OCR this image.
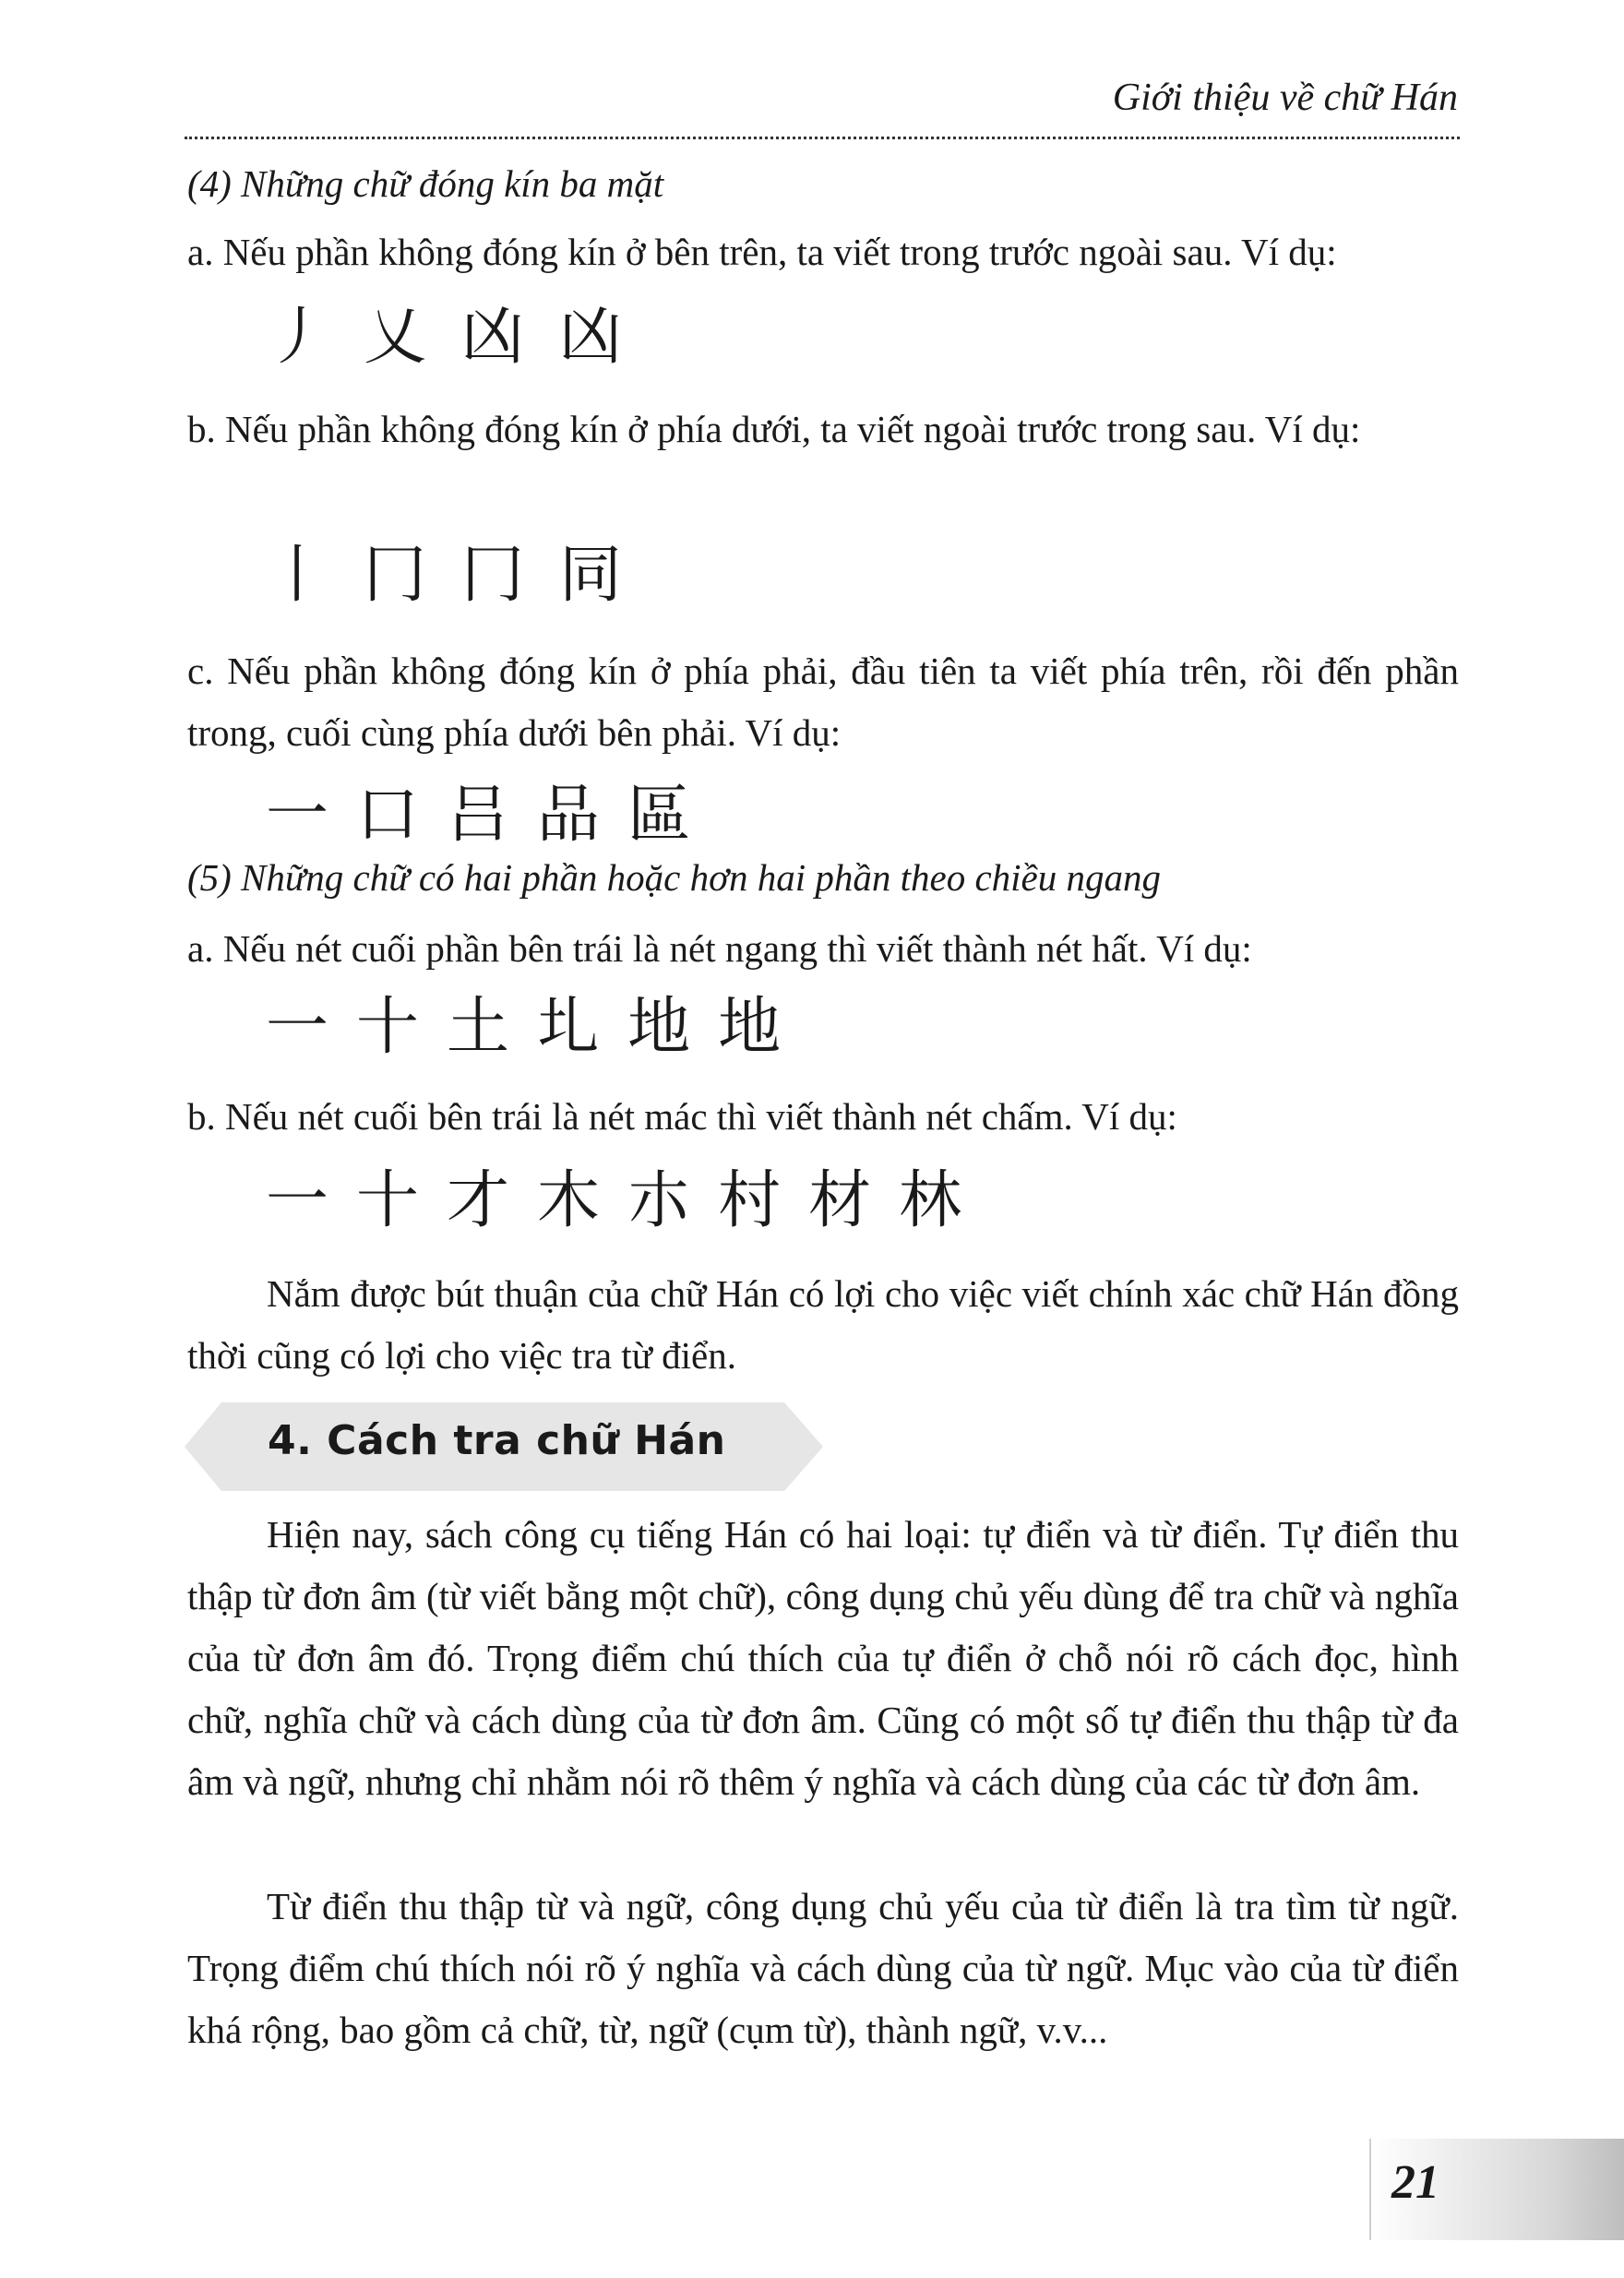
Giới thiệu về chữ Hán

(4) Những chữ đóng kín ba mặt

a. Nếu phần không đóng kín ở bên trên, ta viết trong trước ngoài sau. Ví dụ:

丿 乂 凶 凶

b. Nếu phần không đóng kín ở phía dưới, ta viết ngoài trước trong sau. Ví dụ:

丨 冂 冂 同

c. Nếu phần không đóng kín ở phía phải, đầu tiên ta viết phía trên, rồi đến phần trong, cuối cùng phía dưới bên phải. Ví dụ:

一 口 吕 品 區

(5) Những chữ có hai phần hoặc hơn hai phần theo chiều ngang

a. Nếu nét cuối phần bên trái là nét ngang thì viết thành nét hất. Ví dụ:

一 十 土 圠 地 地

b. Nếu nét cuối bên trái là nét mác thì viết thành nét chấm. Ví dụ:

一 十 才 木 朩 村 材 林

Nắm được bút thuận của chữ Hán có lợi cho việc viết chính xác chữ Hán đồng thời cũng có lợi cho việc tra từ điển.

4. Cách tra chữ Hán

Hiện nay, sách công cụ tiếng Hán có hai loại: tự điển và từ điển. Tự điển thu thập từ đơn âm (từ viết bằng một chữ), công dụng chủ yếu dùng để tra chữ và nghĩa của từ đơn âm đó. Trọng điểm chú thích của tự điển ở chỗ nói rõ cách đọc, hình chữ, nghĩa chữ và cách dùng của từ đơn âm. Cũng có một số tự điển thu thập từ đa âm và ngữ, nhưng chỉ nhằm nói rõ thêm ý nghĩa và cách dùng của các từ đơn âm.

Từ điển thu thập từ và ngữ, công dụng chủ yếu của từ điển là tra tìm từ ngữ. Trọng điểm chú thích nói rõ ý nghĩa và cách dùng của từ ngữ. Mục vào của từ điển khá rộng, bao gồm cả chữ, từ, ngữ (cụm từ), thành ngữ, v.v...

21
